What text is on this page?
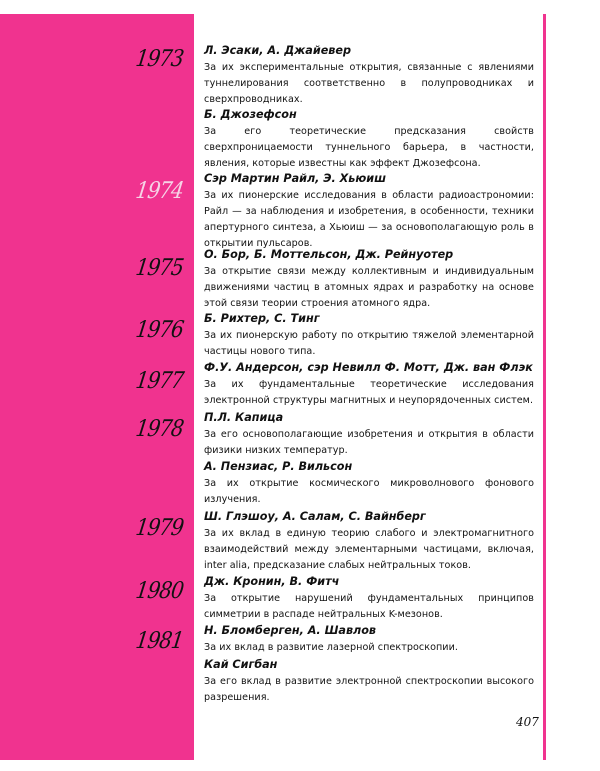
1973
1974
1975
1976
1977
1978
1979
1980
1981

Л. Эсаки, А. Джайевер

За их экспериментальные открытия, связанные с явлениями туннелирования соответственно в полупроводниках и сверхпроводниках.

Б. Джозефсон

За его теоретические предсказания свойств сверхпроницаемости туннельного барьера, в частности, явления, которые известны как эффект Джозефсона.

Сэр Мартин Райл, Э. Хьюиш

За их пионерские исследования в области радиоастрономии: Райл — за наблюдения и изобретения, в особенности, техники апертурного синтеза, а Хьюиш — за основополагающую роль в открытии пульсаров.

О. Бор, Б. Моттельсон, Дж. Рейнуотер

За открытие связи между коллективным и индивидуальным движениями частиц в атомных ядрах и разработку на основе этой связи теории строения атомного ядра.

Б. Рихтер, С. Тинг

За их пионерскую работу по открытию тяжелой элементарной частицы нового типа.

Ф.У. Андерсон, сэр Невилл Ф. Мотт, Дж. ван Флэк

За их фундаментальные теоретические исследования электронной структуры магнитных и неупорядоченных систем.

П.Л. Капица

За его основополагающие изобретения и открытия в области физики низких температур.

А. Пензиас, Р. Вильсон

За их открытие космического микроволнового фонового излучения.

Ш. Глэшоу, А. Салам, С. Вайнберг

За их вклад в единую теорию слабого и электромагнитного взаимодействий между элементарными частицами, включая, inter alia, предсказание слабых нейтральных токов.

Дж. Кронин, В. Фитч

За открытие нарушений фундаментальных принципов симметрии в распаде нейтральных K-мезонов.

Н. Бломберген, А. Шавлов

За их вклад в развитие лазерной спектроскопии.

Кай Сигбан

За его вклад в развитие электронной спектроскопии высокого разрешения.

407
